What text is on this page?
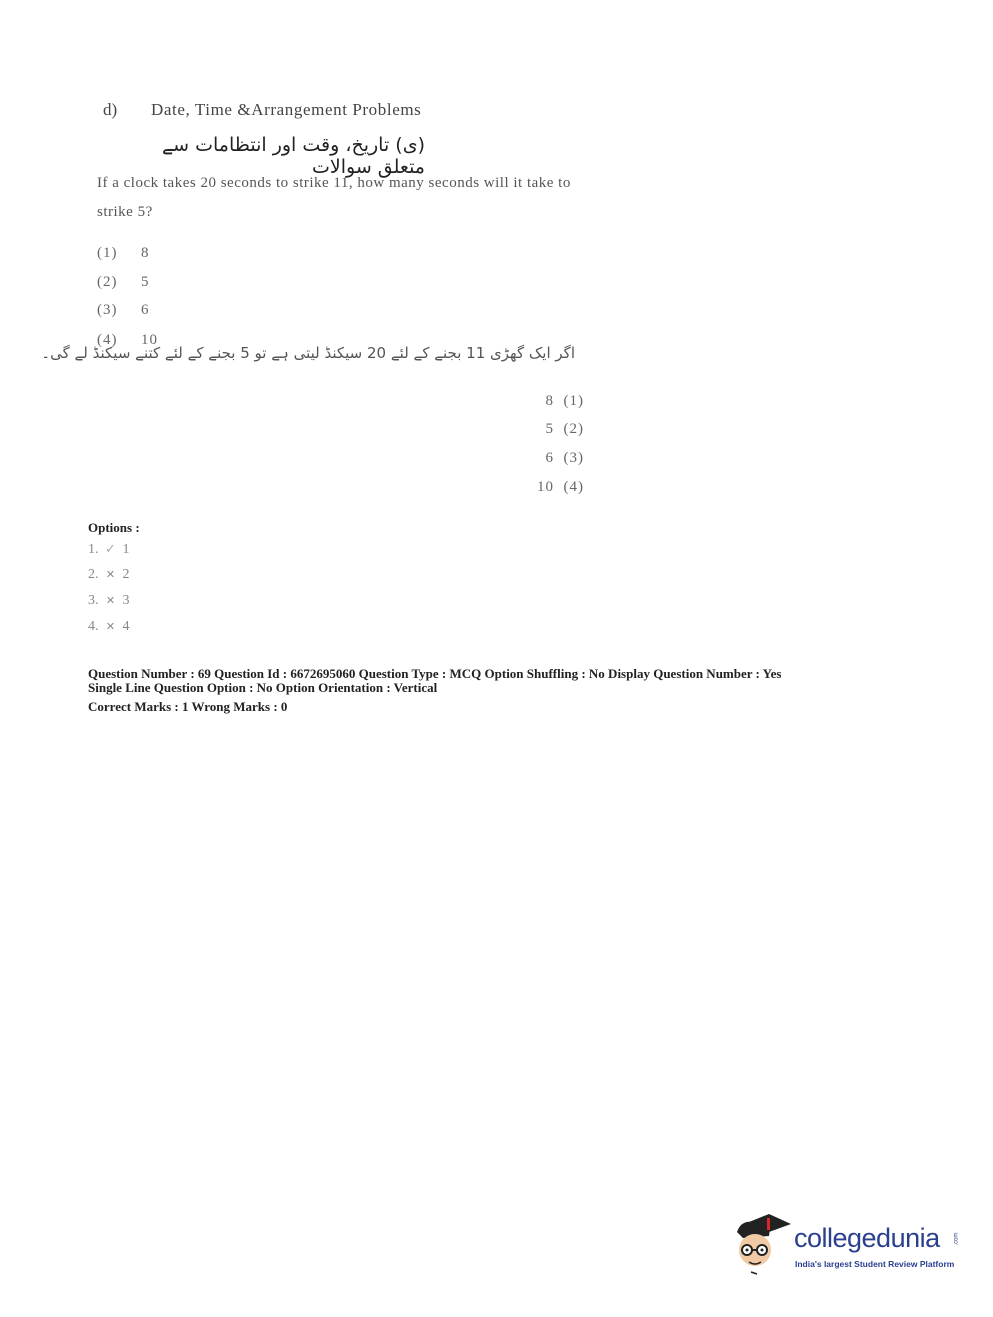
d) Date, Time &Arrangement Problems
(ی) تاریخ، وقت اور انتظامات سے متعلق سوالات
If a clock takes 20 seconds to strike 11, how many seconds will it take to
strike 5?
(1) 8
(2) 5
(3) 6
(4) 10
اگر ایک گھڑی 11 بجنے کے لئے 20 سیکنڈ لیتی ہے تو 5 بجنے کے لئے کتنے سیکنڈ لے گی۔
8 (1)
5 (2)
6 (3)
10 (4)
Options :
1. ✓ 1
2. ✕ 2
3. ✕ 3
4. ✕ 4
Question Number : 69 Question Id : 6672695060 Question Type : MCQ Option Shuffling : No Display Question Number : Yes
Single Line Question Option : No Option Orientation : Vertical
Correct Marks : 1 Wrong Marks : 0
collegedunia .com
India's largest Student Review Platform
